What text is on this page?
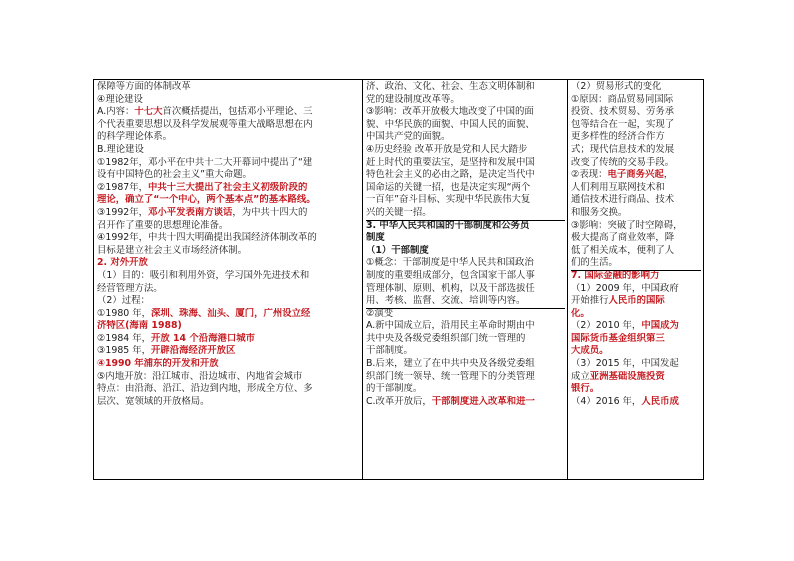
保障等方面的体制改革
④理论建设
A.内容：十七大首次概括提出，包括邓小平理论、三
个代表重要思想以及科学发展观等重大战略思想在内
的科学理论体系。
B.理论建设
①1982年，邓小平在中共十二大开幕词中提出了“建
设有中国特色的社会主义”重大命题。
②1987年，中共十三大提出了社会主义初级阶段的
理论，确立了“一个中心，两个基本点”的基本路线。
③1992年，邓小平发表南方谈话，为中共十四大的
召开作了重要的思想理论准备。
④1992年，中共十四大明确提出我国经济体制改革的
目标是建立社会主义市场经济体制。
2. 对外开放
（1）目的：吸引和利用外资，学习国外先进技术和
经营管理方法。
（2）过程：
①1980 年，深圳、珠海、汕头、厦门，广州设立经
济特区(海南 1988)
②1984 年，开放 14 个沿海港口城市
③1985 年，开辟沿海经济开放区
④1990 年浦东的开发和开放
⑤内地开放：沿江城市、沿边城市、内地省会城市
特点：由沿海、沿江、沿边到内地，形成全方位、多
层次、宽领域的开放格局。
济、政治、文化、社会、生态文明体制和
党的建设制度改革等。
③影响：改革开放极大地改变了中国的面
貌、中华民族的面貌、中国人民的面貌、
中国共产党的面貌。
④历史经验 改革开放是党和人民大踏步
赶上时代的重要法宝，是坚持和发展中国
特色社会主义的必由之路，是决定当代中
国命运的关键一招，也是决定实现“两个
一百年”奋斗目标、实现中华民族伟大复
兴的关键一招。
3. 中华人民共和国的干部制度和公务员
制度
（1）干部制度
①概念：干部制度是中华人民共和国政治
制度的重要组成部分，包含国家干部人事
管理体制、原则、机构，以及干部选拔任
用、考核、监督、交流、培训等内容。
②演变
A.新中国成立后，沿用民主革命时期由中
共中央及各级党委组织部门统一管理的
干部制度。
B.后来，建立了在中共中央及各级党委组
织部门统一领导、统一管理下的分类管理
的干部制度。
C.改革开放后，干部制度进入改革和进一
（2）贸易形式的变化
①原因：商品贸易同国际
投资、技术贸易、劳务承
包等结合在一起，实现了
更多样性的经济合作方
式；现代信息技术的发展
改变了传统的交易手段。
②表现：电子商务兴起，
人们利用互联网技术和
通信技术进行商品、技术
和服务交换。
③影响：突破了时空障碍，
极大提高了商业效率，降
低了相关成本，便利了人
们的生活。
7. 国际金融的影响力
（1）2009 年，中国政府
开始推行人民币的国际
化。
（2）2010 年，中国成为
国际货币基金组织第三
大成员。
（3）2015 年，中国发起
成立亚洲基础设施投资
银行。
（4）2016 年，人民币成
